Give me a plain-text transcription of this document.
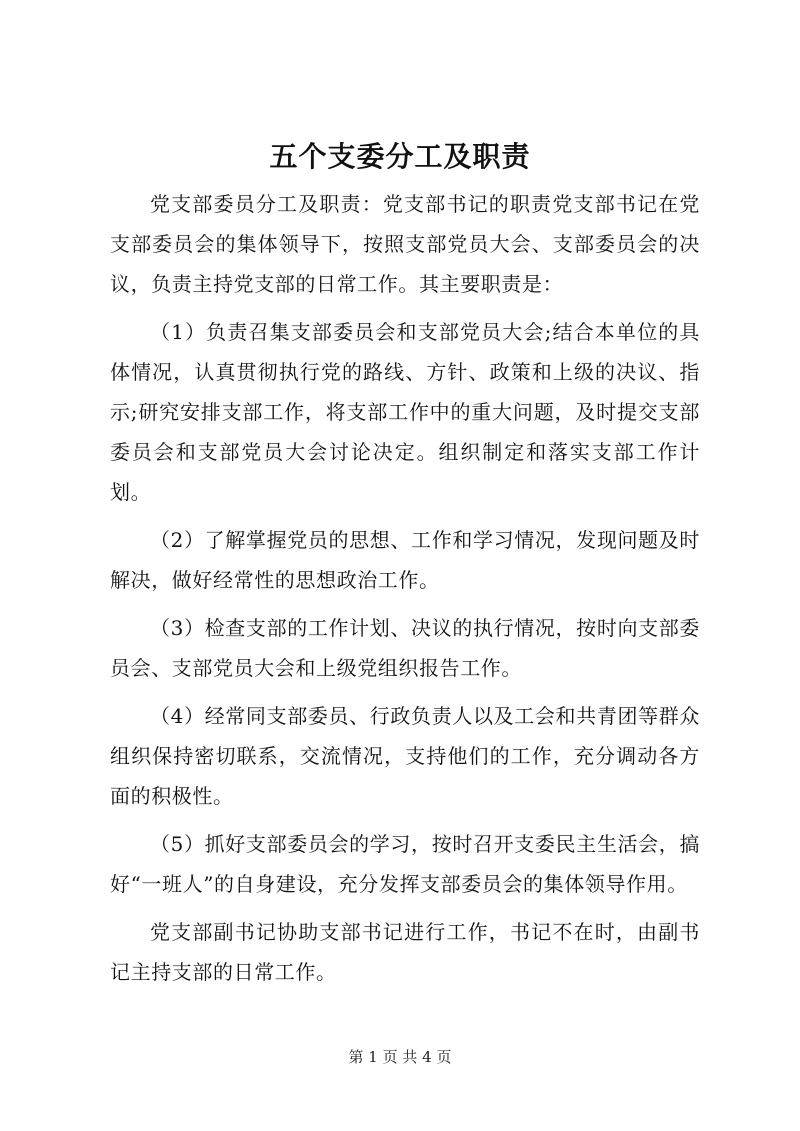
五个支委分工及职责

党支部委员分工及职责：党支部书记的职责党支部书记在党支部委员会的集体领导下，按照支部党员大会、支部委员会的决议，负责主持党支部的日常工作。其主要职责是：

（1）负责召集支部委员会和支部党员大会;结合本单位的具体情况，认真贯彻执行党的路线、方针、政策和上级的决议、指示;研究安排支部工作，将支部工作中的重大问题，及时提交支部委员会和支部党员大会讨论决定。组织制定和落实支部工作计划。

（2）了解掌握党员的思想、工作和学习情况，发现问题及时解决，做好经常性的思想政治工作。

（3）检查支部的工作计划、决议的执行情况，按时向支部委员会、支部党员大会和上级党组织报告工作。

（4）经常同支部委员、行政负责人以及工会和共青团等群众组织保持密切联系，交流情况，支持他们的工作，充分调动各方面的积极性。

（5）抓好支部委员会的学习，按时召开支委民主生活会，搞好“一班人”的自身建设，充分发挥支部委员会的集体领导作用。

党支部副书记协助支部书记进行工作，书记不在时，由副书记主持支部的日常工作。

第 1 页 共 4 页
